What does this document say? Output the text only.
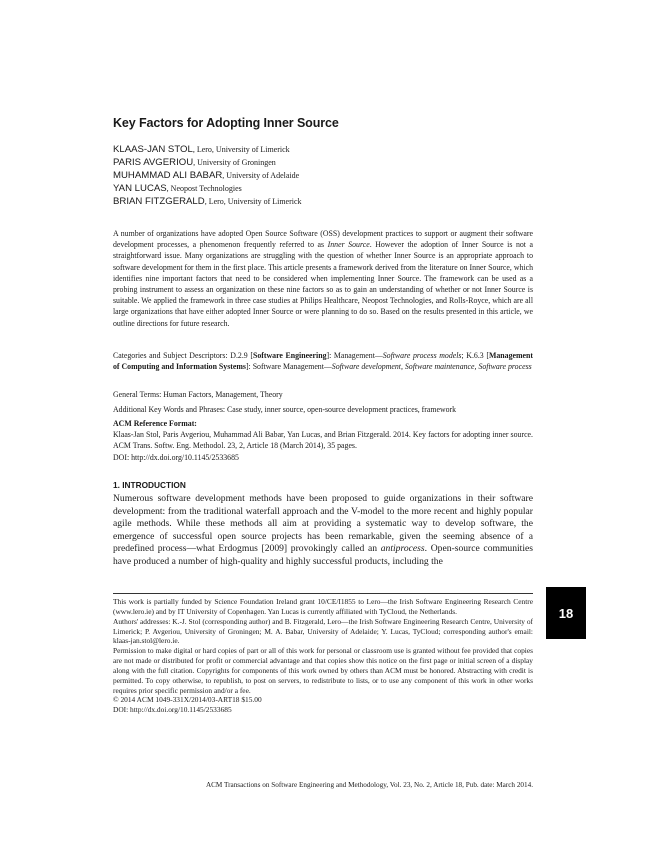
Key Factors for Adopting Inner Source
KLAAS-JAN STOL, Lero, University of Limerick
PARIS AVGERIOU, University of Groningen
MUHAMMAD ALI BABAR, University of Adelaide
YAN LUCAS, Neopost Technologies
BRIAN FITZGERALD, Lero, University of Limerick

A number of organizations have adopted Open Source Software (OSS) development practices to support or augment their software development processes, a phenomenon frequently referred to as Inner Source. However the adoption of Inner Source is not a straightforward issue. Many organizations are struggling with the question of whether Inner Source is an appropriate approach to software development for them in the first place. This article presents a framework derived from the literature on Inner Source, which identifies nine important factors that need to be considered when implementing Inner Source. The framework can be used as a probing instrument to assess an organization on these nine factors so as to gain an understanding of whether or not Inner Source is suitable. We applied the framework in three case studies at Philips Healthcare, Neopost Technologies, and Rolls-Royce, which are all large organizations that have either adopted Inner Source or were planning to do so. Based on the results presented in this article, we outline directions for future research.

Categories and Subject Descriptors: D.2.9 [Software Engineering]: Management—Software process models; K.6.3 [Management of Computing and Information Systems]: Software Management—Software development, Software maintenance, Software process

General Terms: Human Factors, Management, Theory

Additional Key Words and Phrases: Case study, inner source, open-source development practices, framework

ACM Reference Format:
Klaas-Jan Stol, Paris Avgeriou, Muhammad Ali Babar, Yan Lucas, and Brian Fitzgerald. 2014. Key factors for adopting inner source. ACM Trans. Softw. Eng. Methodol. 23, 2, Article 18 (March 2014), 35 pages.
DOI: http://dx.doi.org/10.1145/2533685
1. INTRODUCTION

Numerous software development methods have been proposed to guide organizations in their software development: from the traditional waterfall approach and the V-model to the more recent and highly popular agile methods. While these methods all aim at providing a systematic way to develop software, the emergence of successful open source projects has been remarkable, given the seeming absence of a predefined process—what Erdogmus [2009] provokingly called an antiprocess. Open-source communities have produced a number of high-quality and highly successful products, including the

This work is partially funded by Science Foundation Ireland grant 10/CE/I1855 to Lero—the Irish Software Engineering Research Centre (www.lero.ie) and by IT University of Copenhagen. Yan Lucas is currently affiliated with TyCloud, the Netherlands.
Authors' addresses: K.-J. Stol (corresponding author) and B. Fitzgerald, Lero—the Irish Software Engineering Research Centre, University of Limerick; P. Avgeriou, University of Groningen; M. A. Babar, University of Adelaide; Y. Lucas, TyCloud; corresponding author's email: klaas-jan.stol@lero.ie.
Permission to make digital or hard copies of part or all of this work for personal or classroom use is granted without fee provided that copies are not made or distributed for profit or commercial advantage and that copies show this notice on the first page or initial screen of a display along with the full citation. Copyrights for components of this work owned by others than ACM must be honored. Abstracting with credit is permitted. To copy otherwise, to republish, to post on servers, to redistribute to lists, or to use any component of this work in other works requires prior specific permission and/or a fee.
© 2014 ACM 1049-331X/2014/03-ART18 $15.00
DOI: http://dx.doi.org/10.1145/2533685
18
ACM Transactions on Software Engineering and Methodology, Vol. 23, No. 2, Article 18, Pub. date: March 2014.
